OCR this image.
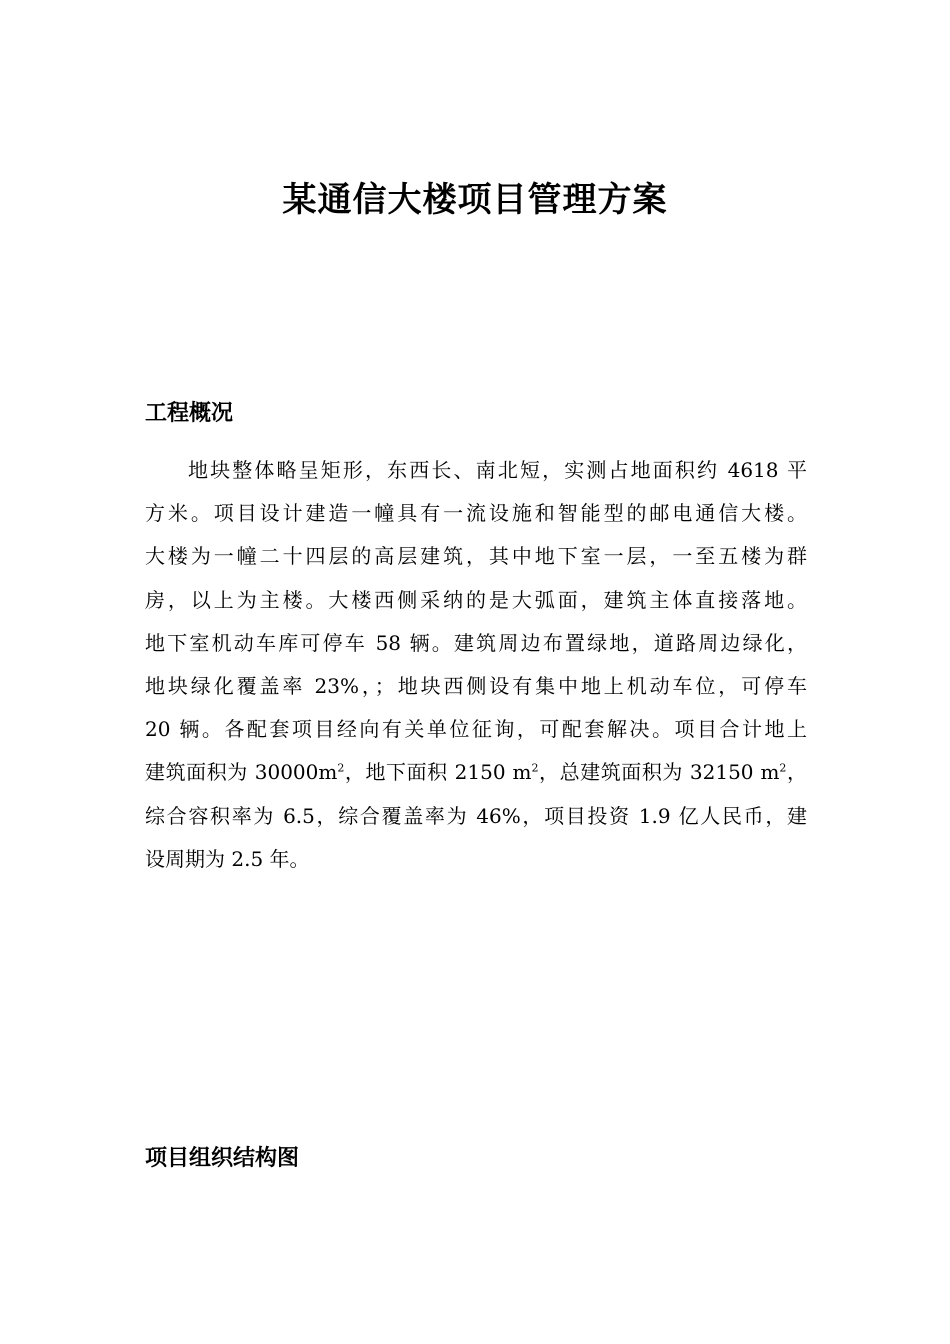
某通信大楼项目管理方案
工程概况

地块整体略呈矩形，东西长、南北短，实测占地面积约 4618 平
方米。项目设计建造一幢具有一流设施和智能型的邮电通信大楼。
大楼为一幢二十四层的高层建筑，其中地下室一层，一至五楼为群
房，以上为主楼。大楼西侧采纳的是大弧面，建筑主体直接落地。
地下室机动车库可停车 58 辆。建筑周边布置绿地，道路周边绿化，
地块绿化覆盖率 23%，；地块西侧设有集中地上机动车位，可停车
20 辆。各配套项目经向有关单位征询，可配套解决。项目合计地上
建筑面积为 $30000m^2$，地下面积 2150 $m^2$，总建筑面积为 32150 $m^2$，
综合容积率为 6.5，综合覆盖率为 46%，项目投资 1.9 亿人民币，建
设周期为 2.5 年。

项目组织结构图
